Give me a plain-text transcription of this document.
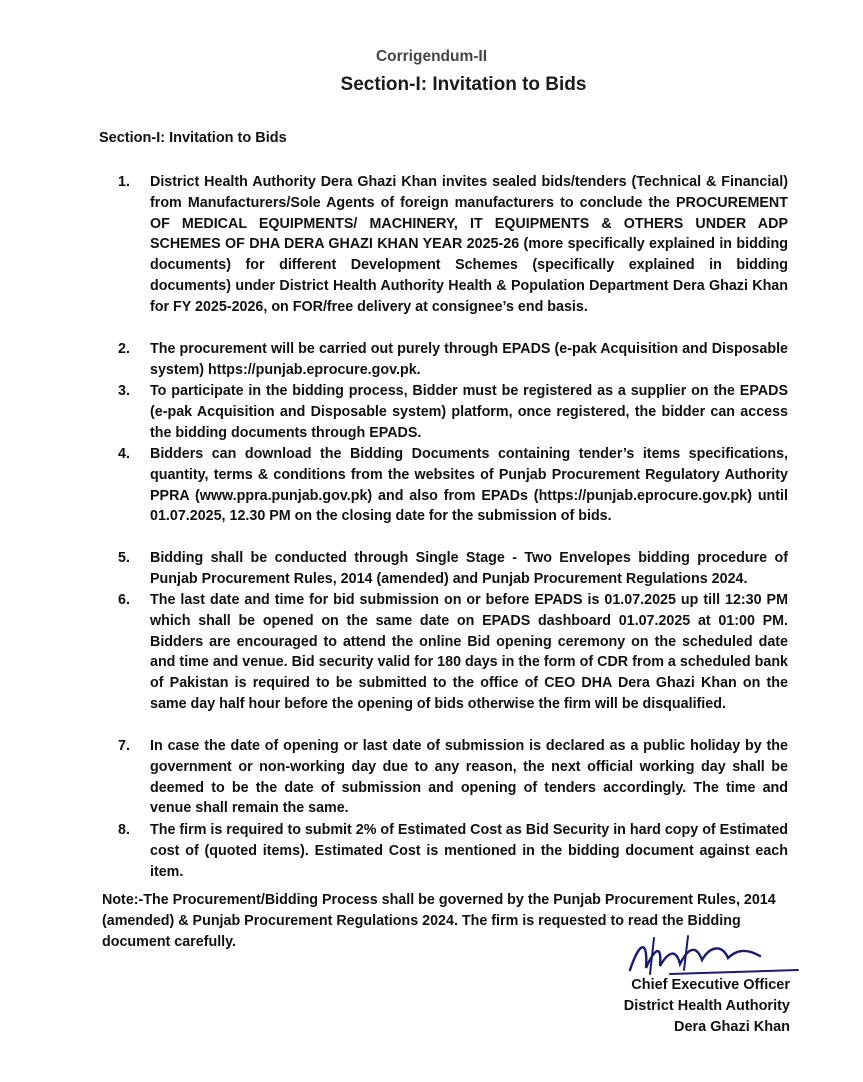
Corrigendum-II
Section-I: Invitation to Bids
Section-I: Invitation to Bids
1. District Health Authority Dera Ghazi Khan invites sealed bids/tenders (Technical & Financial) from Manufacturers/Sole Agents of foreign manufacturers to conclude the PROCUREMENT OF MEDICAL EQUIPMENTS/ MACHINERY, IT EQUIPMENTS & OTHERS UNDER ADP SCHEMES OF DHA DERA GHAZI KHAN YEAR 2025-26 (more specifically explained in bidding documents) for different Development Schemes (specifically explained in bidding documents) under District Health Authority Health & Population Department Dera Ghazi Khan for FY 2025-2026, on FOR/free delivery at consignee’s end basis.
2. The procurement will be carried out purely through EPADS (e-pak Acquisition and Disposable system) https://punjab.eprocure.gov.pk.
3. To participate in the bidding process, Bidder must be registered as a supplier on the EPADS (e-pak Acquisition and Disposable system) platform, once registered, the bidder can access the bidding documents through EPADS.
4. Bidders can download the Bidding Documents containing tender’s items specifications, quantity, terms & conditions from the websites of Punjab Procurement Regulatory Authority PPRA (www.ppra.punjab.gov.pk) and also from EPADs (https://punjab.eprocure.gov.pk) until 01.07.2025, 12.30 PM on the closing date for the submission of bids.
5. Bidding shall be conducted through Single Stage - Two Envelopes bidding procedure of Punjab Procurement Rules, 2014 (amended) and Punjab Procurement Regulations 2024.
6. The last date and time for bid submission on or before EPADS is 01.07.2025 up till 12:30 PM which shall be opened on the same date on EPADS dashboard 01.07.2025 at 01:00 PM. Bidders are encouraged to attend the online Bid opening ceremony on the scheduled date and time and venue. Bid security valid for 180 days in the form of CDR from a scheduled bank of Pakistan is required to be submitted to the office of CEO DHA Dera Ghazi Khan on the same day half hour before the opening of bids otherwise the firm will be disqualified.
7. In case the date of opening or last date of submission is declared as a public holiday by the government or non-working day due to any reason, the next official working day shall be deemed to be the date of submission and opening of tenders accordingly. The time and venue shall remain the same.
8. The firm is required to submit 2% of Estimated Cost as Bid Security in hard copy of Estimated cost of (quoted items). Estimated Cost is mentioned in the bidding document against each item.
Note:-The Procurement/Bidding Process shall be governed by the Punjab Procurement Rules, 2014 (amended) & Punjab Procurement Regulations 2024. The firm is requested to read the Bidding document carefully.
Chief Executive Officer
District Health Authority
Dera Ghazi Khan
